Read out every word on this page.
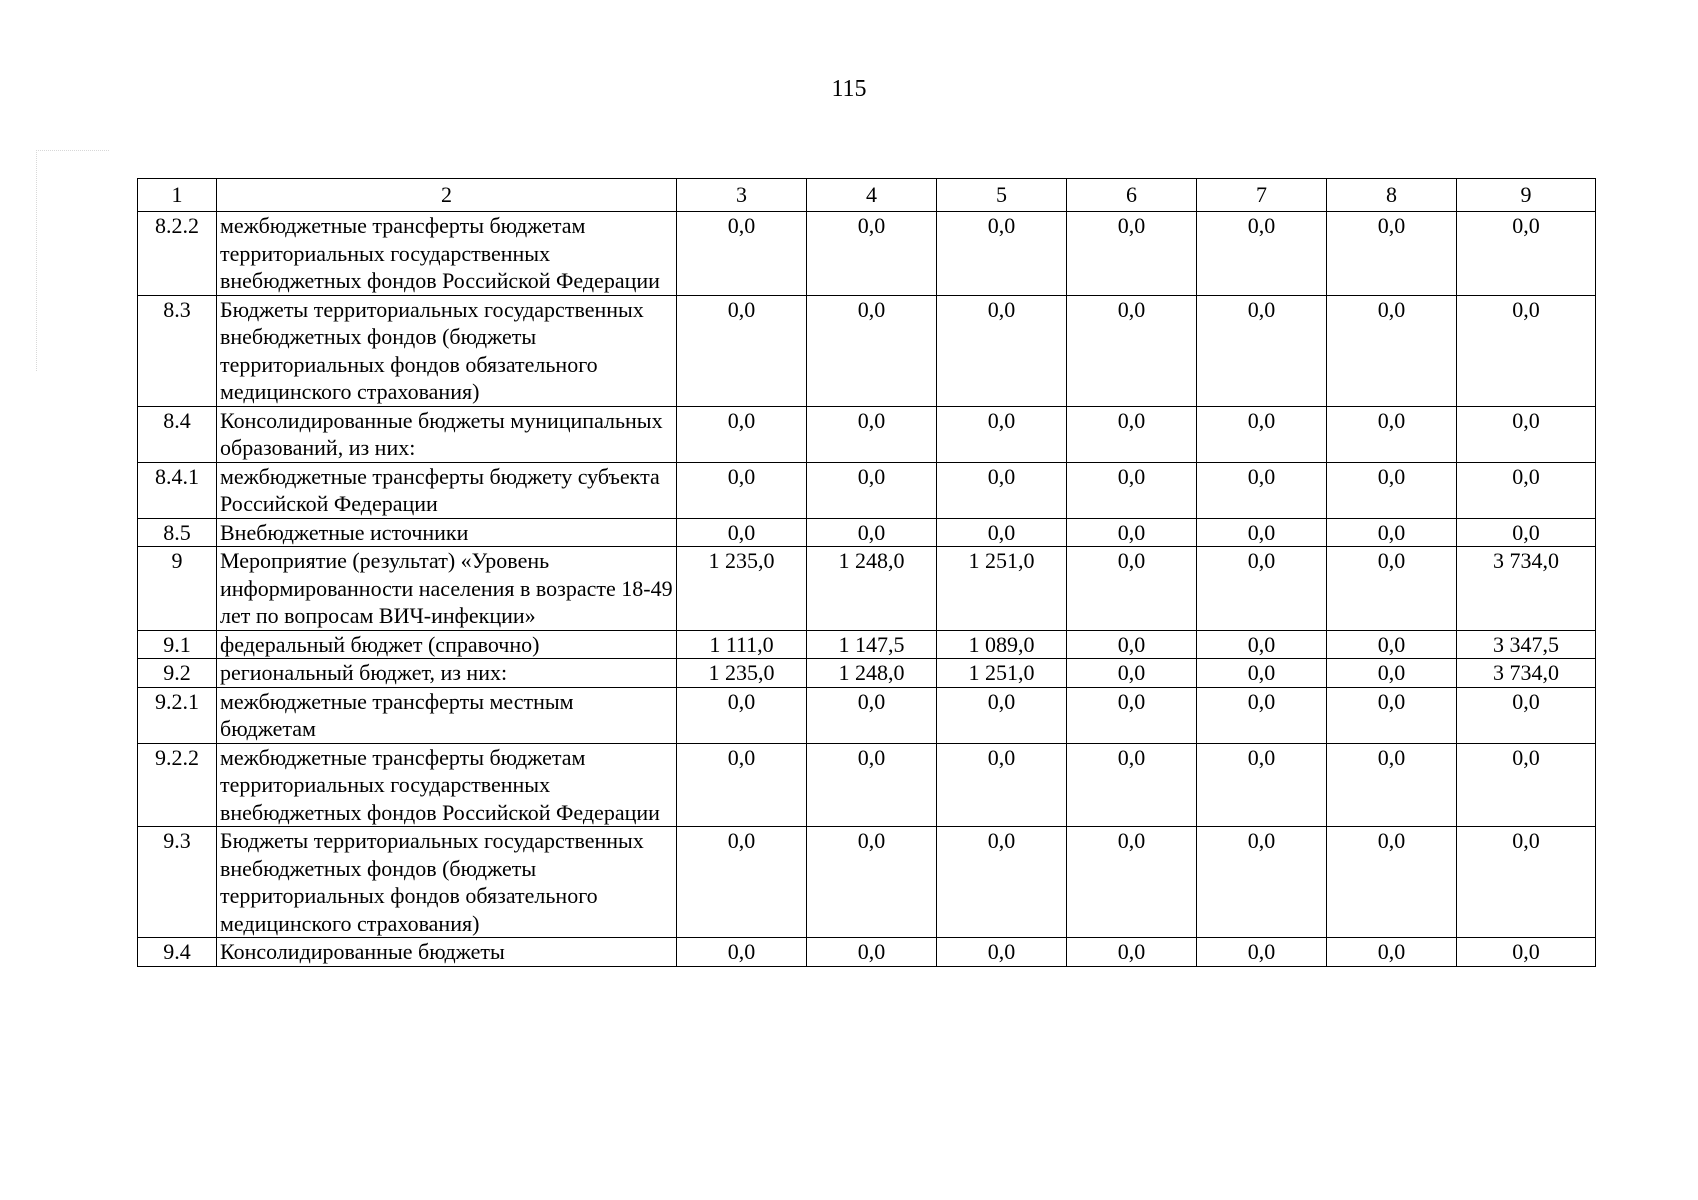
115
1	2	3	4	5	6	7	8	9
8.2.2	межбюджетные трансферты бюджетам территориальных государственных внебюджетных фондов Российской Федерации	0,0	0,0	0,0	0,0	0,0	0,0	0,0
8.3	Бюджеты территориальных государственных внебюджетных фондов (бюджеты территориальных фондов обязательного медицинского страхования)	0,0	0,0	0,0	0,0	0,0	0,0	0,0
8.4	Консолидированные бюджеты муниципальных образований, из них:	0,0	0,0	0,0	0,0	0,0	0,0	0,0
8.4.1	межбюджетные трансферты бюджету субъекта Российской Федерации	0,0	0,0	0,0	0,0	0,0	0,0	0,0
8.5	Внебюджетные источники	0,0	0,0	0,0	0,0	0,0	0,0	0,0
9	Мероприятие (результат) «Уровень информированности населения в возрасте 18-49 лет по вопросам ВИЧ-инфекции»	1 235,0	1 248,0	1 251,0	0,0	0,0	0,0	3 734,0
9.1	федеральный бюджет (справочно)	1 111,0	1 147,5	1 089,0	0,0	0,0	0,0	3 347,5
9.2	региональный бюджет, из них:	1 235,0	1 248,0	1 251,0	0,0	0,0	0,0	3 734,0
9.2.1	межбюджетные трансферты местным бюджетам	0,0	0,0	0,0	0,0	0,0	0,0	0,0
9.2.2	межбюджетные трансферты бюджетам территориальных государственных внебюджетных фондов Российской Федерации	0,0	0,0	0,0	0,0	0,0	0,0	0,0
9.3	Бюджеты территориальных государственных внебюджетных фондов (бюджеты территориальных фондов обязательного медицинского страхования)	0,0	0,0	0,0	0,0	0,0	0,0	0,0
9.4	Консолидированные бюджеты	0,0	0,0	0,0	0,0	0,0	0,0	0,0
